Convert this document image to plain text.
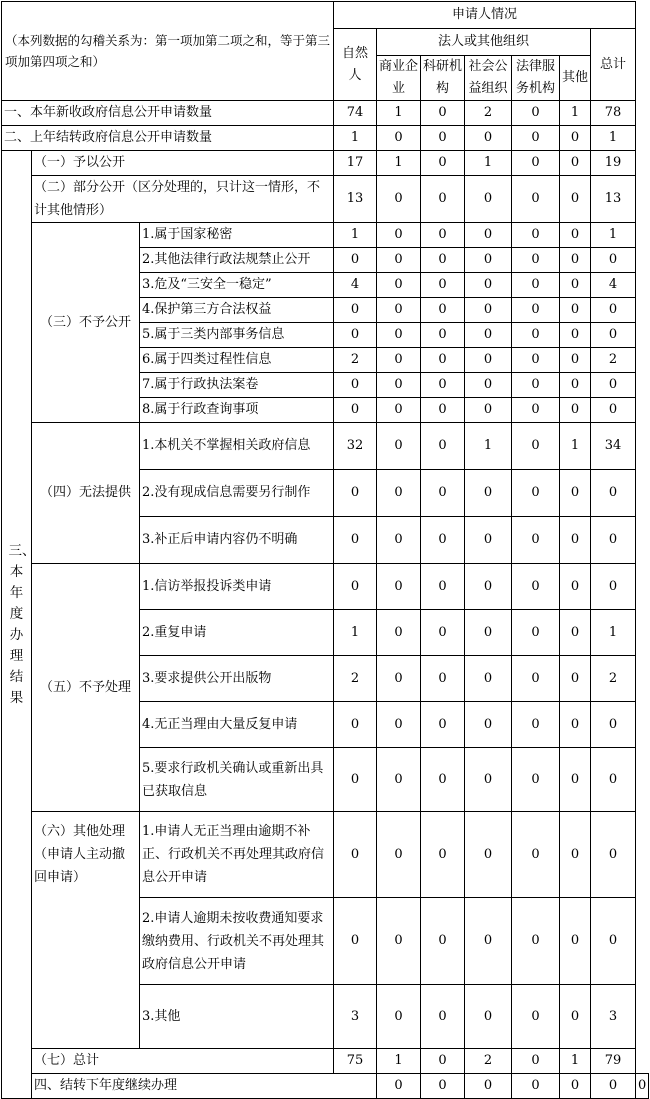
（本列数据的勾稽关系为：第一项加第二项之和，等于第三项加第四项之和）			申请人情况							
			自然人	法人或其他组织					总计	
				商业企业	科研机构	社会公益组织	法律服务机构	其他		
一、本年新收政府信息公开申请数量			74	1	0	2	0	1	78	
二、上年结转政府信息公开申请数量			1	0	0	0	0	0	1	

三、本年度办理结果	（一）予以公开		17	1	0	1	0	0	19	
	（二）部分公开（区分处理的，只计这一情形，不计其他情形）		13	0	0	0	0	0	13	
	（三）不予公开	1.属于国家秘密	1	0	0	0	0	0	1	
		2.其他法律行政法规禁止公开	0	0	0	0	0	0	0	
		3.危及“三安全一稳定”	4	0	0	0	0	0	4	
		4.保护第三方合法权益	0	0	0	0	0	0	0	
		5.属于三类内部事务信息	0	0	0	0	0	0	0	
		6.属于四类过程性信息	2	0	0	0	0	0	2	
		7.属于行政执法案卷	0	0	0	0	0	0	0	
		8.属于行政查询事项	0	0	0	0	0	0	0	
	（四）无法提供	1.本机关不掌握相关政府信息	32	0	0	1	0	1	34	
		2.没有现成信息需要另行制作	0	0	0	0	0	0	0	
		3.补正后申请内容仍不明确	0	0	0	0	0	0	0	
	（五）不予处理	1.信访举报投诉类申请	0	0	0	0	0	0	0	
		2.重复申请	1	0	0	0	0	0	1	
		3.要求提供公开出版物	2	0	0	0	0	0	2	
		4.无正当理由大量反复申请	0	0	0	0	0	0	0	
		5.要求行政机关确认或重新出具已获取信息	0	0	0	0	0	0	0	
	（六）其他处理（申请人主动撤回申请）	1.申请人无正当理由逾期不补正、行政机关不再处理其政府信息公开申请	0	0	0	0	0	0	0	
		2.申请人逾期未按收费通知要求缴纳费用、行政机关不再处理其政府信息公开申请	0	0	0	0	0	0	0	
		3.其他	3	0	0	0	0	0	3	
	（七）总计		75	1	0	2	0	1	79	
	四、结转下年度继续办理			0	0	0	0	0	0	0
